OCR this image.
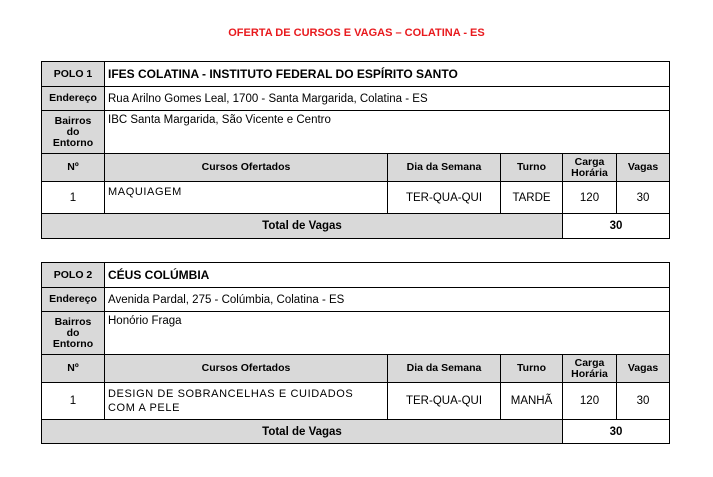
OFERTA DE CURSOS E VAGAS – COLATINA - ES
POLO 1	IFES COLATINA - INSTITUTO FEDERAL DO ESPÍRITO SANTO				
Endereço	Rua Arilno Gomes Leal, 1700 - Santa Margarida, Colatina - ES				

Bairros
do
Entorno	IBC Santa Margarida, São Vicente e Centro				
Nº	Cursos Ofertados	Dia da Semana	Turno	Carga
Horária	Vagas
1	MAQUIAGEM	TER-QUA-QUI	TARDE	120	30
Total de Vagas				30	
POLO 2	CÉUS COLÚMBIA				
Endereço	Avenida Pardal, 275 - Colúmbia, Colatina - ES				

Bairros
do
Entorno	Honório Fraga				
Nº	Cursos Ofertados	Dia da Semana	Turno	Carga
Horária	Vagas
1	DESIGN DE SOBRANCELHAS E CUIDADOS COM A PELE	TER-QUA-QUI	MANHÃ	120	30
Total de Vagas				30	
